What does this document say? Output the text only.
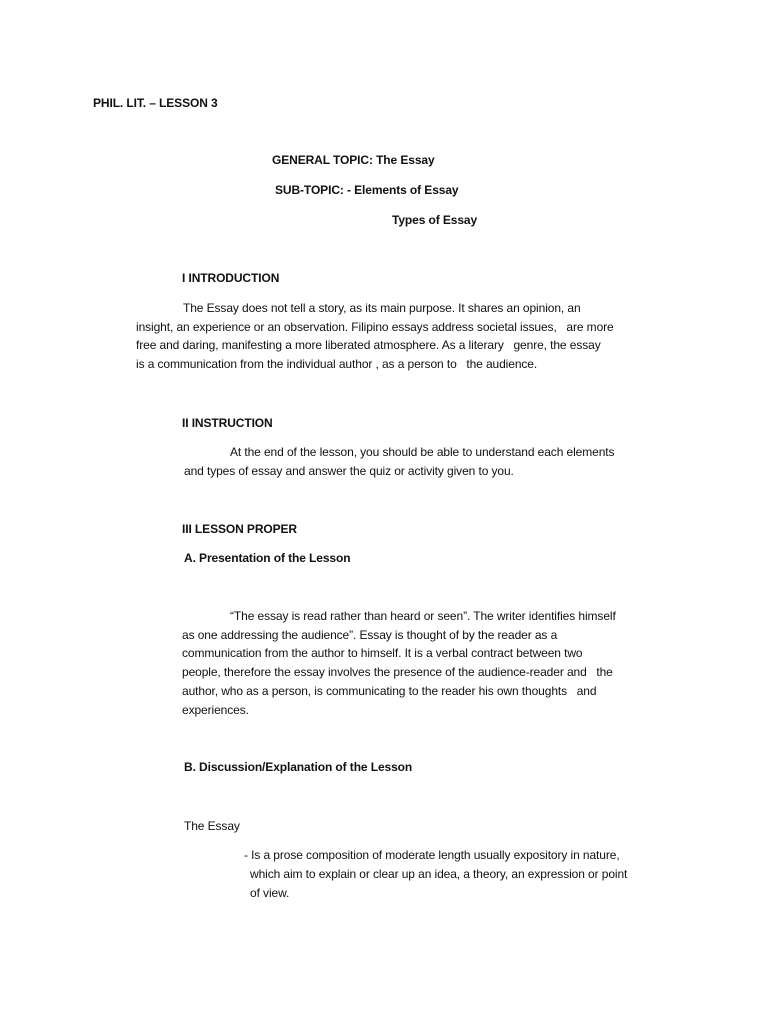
PHIL. LIT. – LESSON 3
GENERAL TOPIC: The Essay
SUB-TOPIC: - Elements of Essay
Types of Essay
I INTRODUCTION
The Essay does not tell a story, as its main purpose. It shares an opinion, an
insight, an experience or an observation. Filipino essays address societal issues,   are more
free and daring, manifesting a more liberated atmosphere. As a literary   genre, the essay
is a communication from the individual author , as a person to   the audience.
II INSTRUCTION
At the end of the lesson, you should be able to understand each elements
and types of essay and answer the quiz or activity given to you.
III LESSON PROPER
A. Presentation of the Lesson
“The essay is read rather than heard or seen”. The writer identifies himself
as one addressing the audience”. Essay is thought of by the reader as a
communication from the author to himself. It is a verbal contract between two
people, therefore the essay involves the presence of the audience-reader and   the
author, who as a person, is communicating to the reader his own thoughts   and
experiences.
B. Discussion/Explanation of the Lesson
The Essay
- Is a prose composition of moderate length usually expository in nature,
which aim to explain or clear up an idea, a theory, an expression or point
of view.
